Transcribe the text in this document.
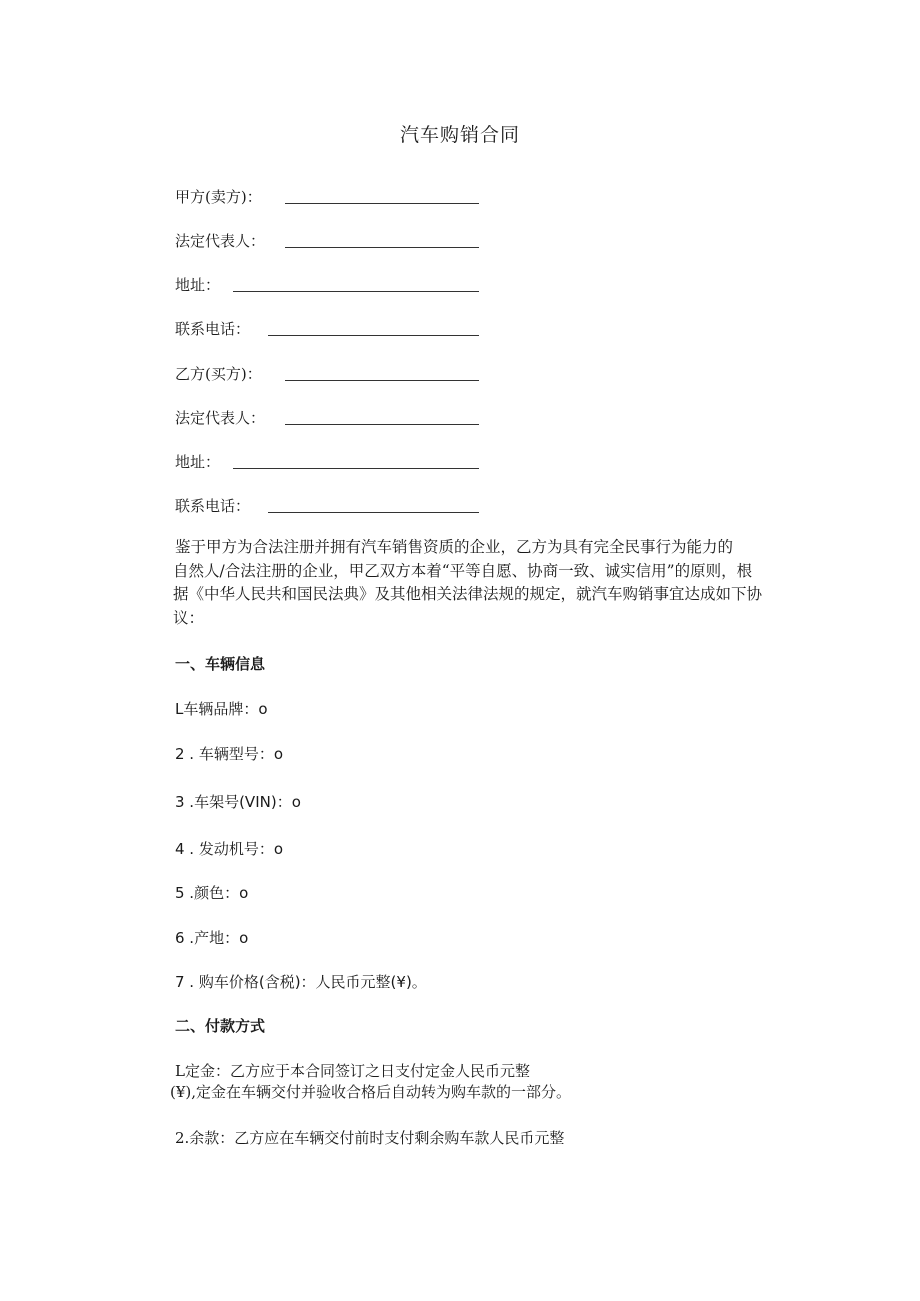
汽车购销合同
甲方(卖方)：
法定代表人：
地址：
联系电话：
乙方(买方)：
法定代表人：
地址：
联系电话：
鉴于甲方为合法注册并拥有汽车销售资质的企业，乙方为具有完全民事行为能力的
自然人/合法注册的企业，甲乙双方本着“平等自愿、协商一致、诚实信用”的原则，根
据《中华人民共和国民法典》及其他相关法律法规的规定，就汽车购销事宜达成如下协
议：
一、车辆信息
L车辆品牌：o
2 . 车辆型号：o
3 .车架号(VIN)：o
4 . 发动机号：o
5 .颜色：o
6 .产地：o
7 . 购车价格(含税)：人民币元整(¥)。
二、付款方式
L定金：乙方应于本合同签订之日支付定金人民币元整
(¥),定金在车辆交付并验收合格后自动转为购车款的一部分。
2.余款：乙方应在车辆交付前时支付剩余购车款人民币元整
